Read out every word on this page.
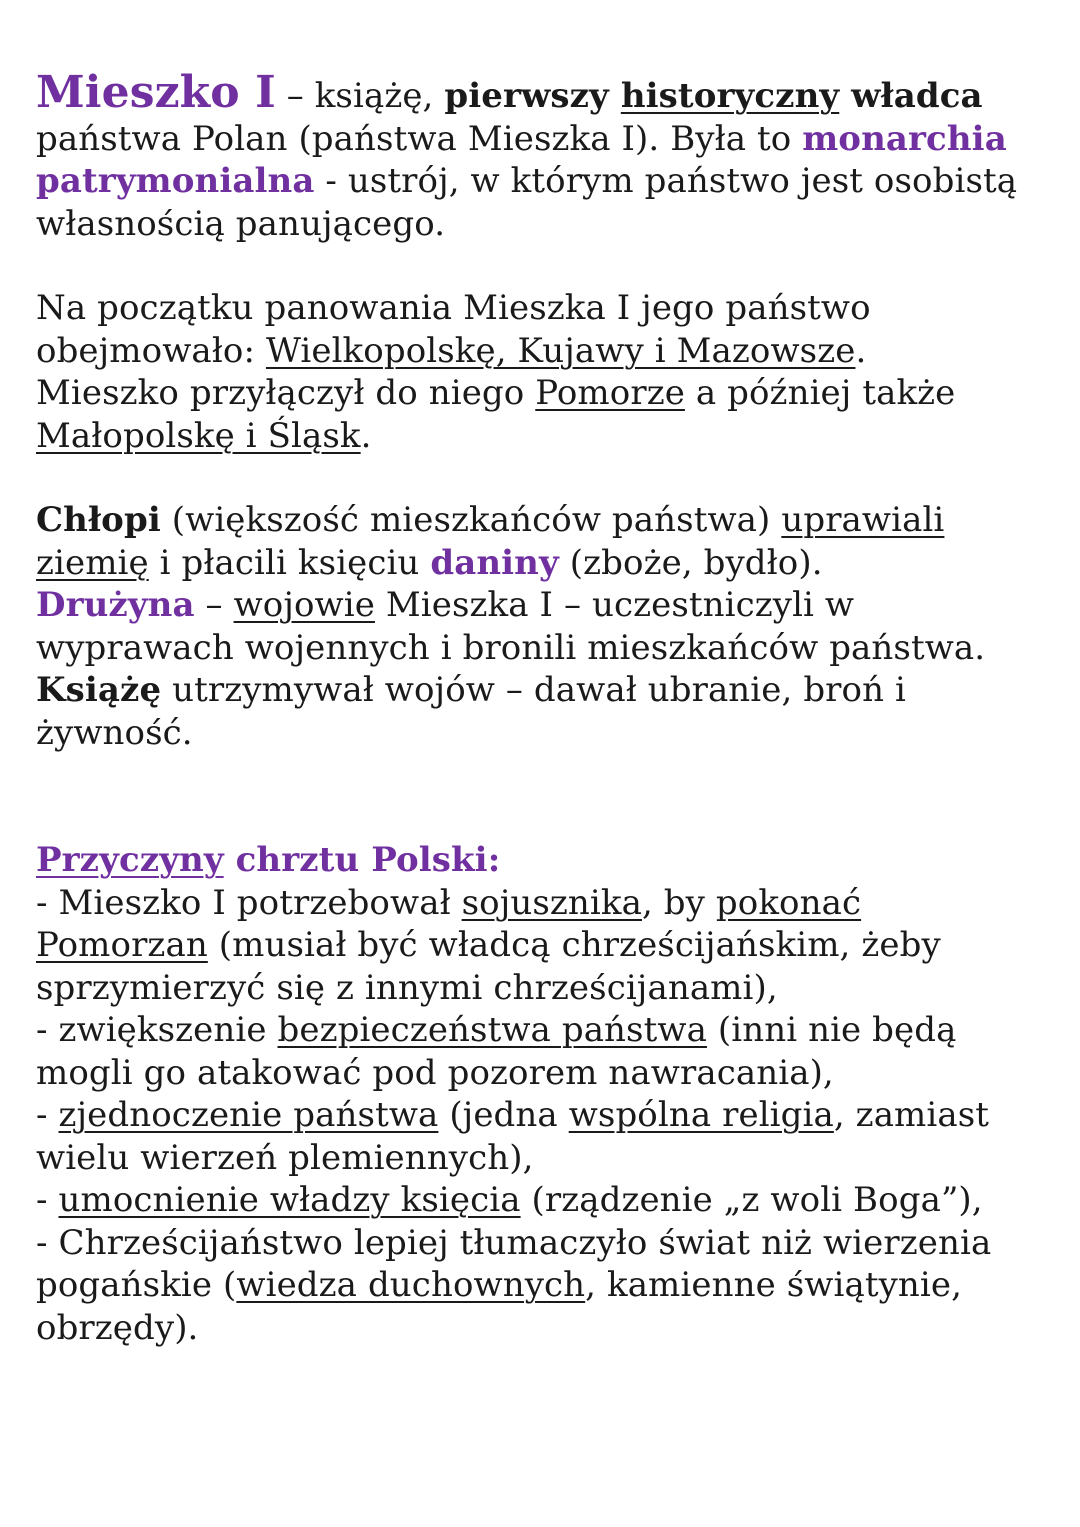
Mieszko I – książę, pierwszy historyczny władca
państwa Polan (państwa Mieszka I). Była to monarchia
patrymonialna - ustrój, w którym państwo jest osobistą
własnością panującego.
Na początku panowania Mieszka I jego państwo
obejmowało: Wielkopolskę, Kujawy i Mazowsze.
Mieszko przyłączył do niego Pomorze a później także
Małopolskę i Śląsk.
Chłopi (większość mieszkańców państwa) uprawiali
ziemię i płacili księciu daniny (zboże, bydło).
Drużyna – wojowie Mieszka I – uczestniczyli w
wyprawach wojennych i bronili mieszkańców państwa.
Książę utrzymywał wojów – dawał ubranie, broń i
żywność.
Przyczyny chrztu Polski:
- Mieszko I potrzebował sojusznika, by pokonać
Pomorzan (musiał być władcą chrześcijańskim, żeby
sprzymierzyć się z innymi chrześcijanami),
- zwiększenie bezpieczeństwa państwa (inni nie będą
mogli go atakować pod pozorem nawracania),
- zjednoczenie państwa (jedna wspólna religia, zamiast
wielu wierzeń plemiennych),
- umocnienie władzy księcia (rządzenie „z woli Boga”),
- Chrześcijaństwo lepiej tłumaczyło świat niż wierzenia
pogańskie (wiedza duchownych, kamienne świątynie,
obrzędy).
